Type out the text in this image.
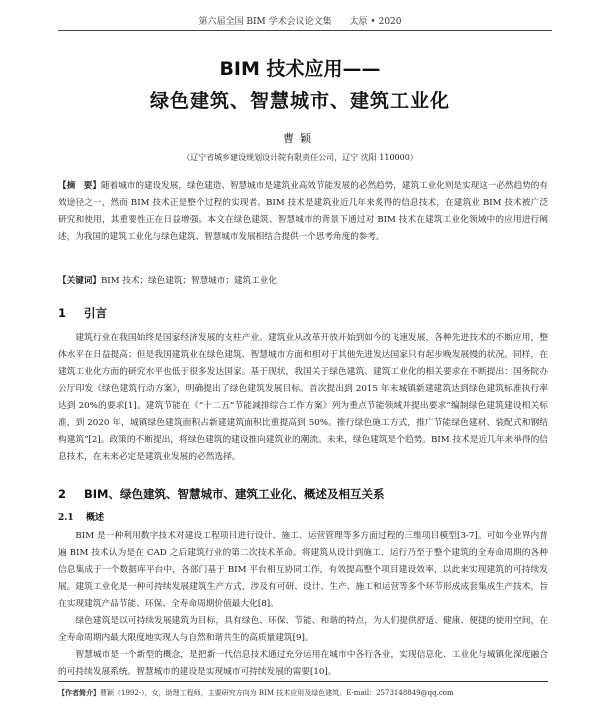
第六届全国 BIM 学术会议论文集　　太原 • 2020
BIM 技术应用——
绿色建筑、智慧城市、建筑工业化
曹颖
（辽宁省城乡建设规划设计院有限责任公司，辽宁 沈阳 110000）
【摘　要】随着城市的建设发展，绿色建造、智慧城市是建筑业高效节能发展的必然趋势，建筑工业化则是实现这一必然趋势的有效途径之一，然而 BIM 技术正是整个过程的实现者。BIM 技术是建筑业近几年来炙得的信息技术，在建筑业 BIM 技术被广泛研究和使用，其重要性正在日益增强。本文在绿色建筑、智慧城市的背景下通过对 BIM 技术在建筑工业化领域中的应用进行阐述，为我国的建筑工业化与绿色建筑、智慧城市发展相结合提供一个思考角度的参考。
【关键词】BIM 技术；绿色建筑；智慧城市；建筑工业化
1 引言
建筑行业在我国始终是国家经济发展的支柱产业。建筑业从改革开放开始到如今的飞速发展，各种先进技术的不断应用，整体水平在日益提高；但是我国建筑业在绿色建筑、智慧城市方面和相对于其他先进发达国家只有起步晚发展慢的状况。同样，在建筑工业化方面的研究水平也低于很多发达国家。基于现状，我国关于绿色建筑、建筑工业化的相关要求在不断提出：国务院办公厅印发《绿色建筑行动方案》，明确提出了绿色建筑发展目标。首次提出到 2015 年末城镇新建建筑达到绿色建筑标准执行率达到 20%的要求[1]。建筑节能在《“十二五”节能减排综合工作方案》列为重点节能领域并提出要求“编制绿色建筑建设相关标准，到 2020 年，城镇绿色建筑面积占新建建筑面积比重提高到 50%。推行绿色施工方式，推广节能绿色建材、装配式和钢结构建筑”[2]。政策的不断提出，将绿色建筑的建设推向建筑业的潮流。未来，绿色建筑是个趋势。BIM 技术是近几年来举得的信息技术，在未来必定是建筑业发展的必然选择。
2 BIM、绿色建筑、智慧城市、建筑工业化、概述及相互关系
2.1 概述
BIM 是一种利用数字技术对建设工程项目进行设计、施工、运营管理等多方面过程的三维项目模型[3-7]。可如今业界内普遍 BIM 技术认为是在 CAD 之后建筑行业的第二次技术革命。将建筑从设计到施工、运行乃至于整个建筑的全寿命周期的各种信息集成于一个数据库平台中，各部门基于 BIM 平台相互协同工作，有效提高整个项目建设效率，以此来实现建筑的可持续发展。 建筑工业化是一种可持续发展建筑生产方式，涉及有可研、设计、生产、施工和运营等多个环节形成成套集成生产技术，旨在实现建筑产品节能、环保、全寿命周期价值最大化[8]。
绿色建筑是以可持续发展建筑为目标，具有绿色、环保、节能、和谐的特点，为人们提供舒适、健康、便捷的使用空间，在全寿命周期内最大限度地实现人与自然和谐共生的高质量建筑[9]。
智慧城市是一个新型的概念，是把新一代信息技术通过充分运用在城市中各行各业，实现信息化、工业化与城镇化深度融合的可持续发展系统。智慧城市的建设是实现城市可持续发展的需要[10]。
【作者简介】曹颖（1992-），女，助理工程师，主要研究方向为 BIM 技术应用及绿色建筑。E-mail：2573148849@qq.com
